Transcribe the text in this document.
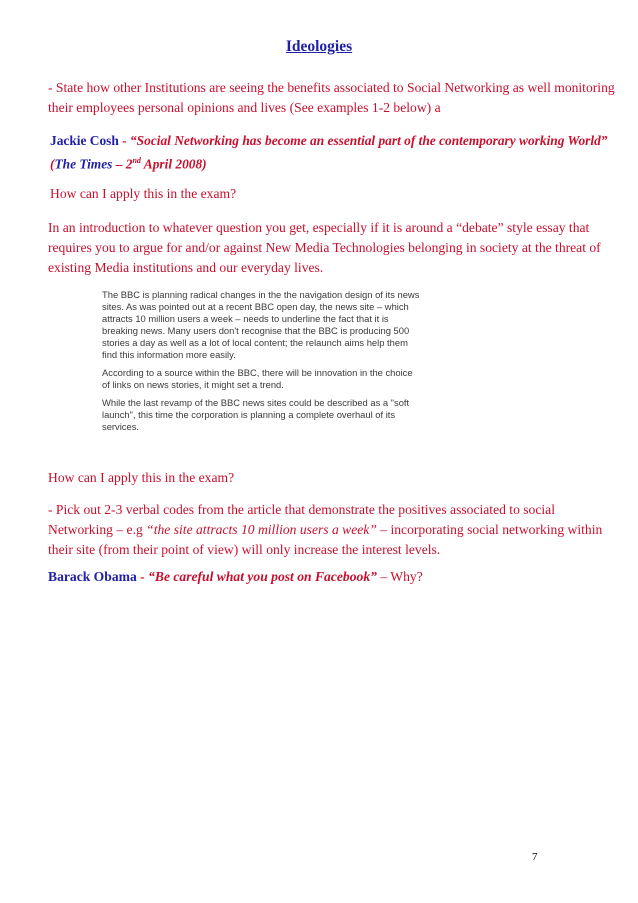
Ideologies
- State how other Institutions are seeing the benefits associated to Social Networking as well monitoring their employees personal opinions and lives (See examples 1-2 below) a
Jackie Cosh - “Social Networking has become an essential part of the contemporary working World” (The Times – 2nd April 2008)
How can I apply this in the exam?
In an introduction to whatever question you get, especially if it is around a “debate” style essay that requires you to argue for and/or against New Media Technologies belonging in society at the threat of existing Media institutions and our everyday lives.

The BBC is planning radical changes in the the navigation design of its news sites. As was pointed out at a recent BBC open day, the news site – which attracts 10 million users a week – needs to underline the fact that it is breaking news. Many users don't recognise that the BBC is producing 500 stories a day as well as a lot of local content; the relaunch aims help them find this information more easily.

According to a source within the BBC, there will be innovation in the choice of links on news stories, it might set a trend.

While the last revamp of the BBC news sites could be described as a "soft launch", this time the corporation is planning a complete overhaul of its services.

How can I apply this in the exam?
- Pick out 2-3 verbal codes from the article that demonstrate the positives associated to social Networking – e.g “the site attracts 10 million users a week” – incorporating social networking within their site (from their point of view) will only increase the interest levels.
Barack Obama - “Be careful what you post on Facebook” – Why?
7
